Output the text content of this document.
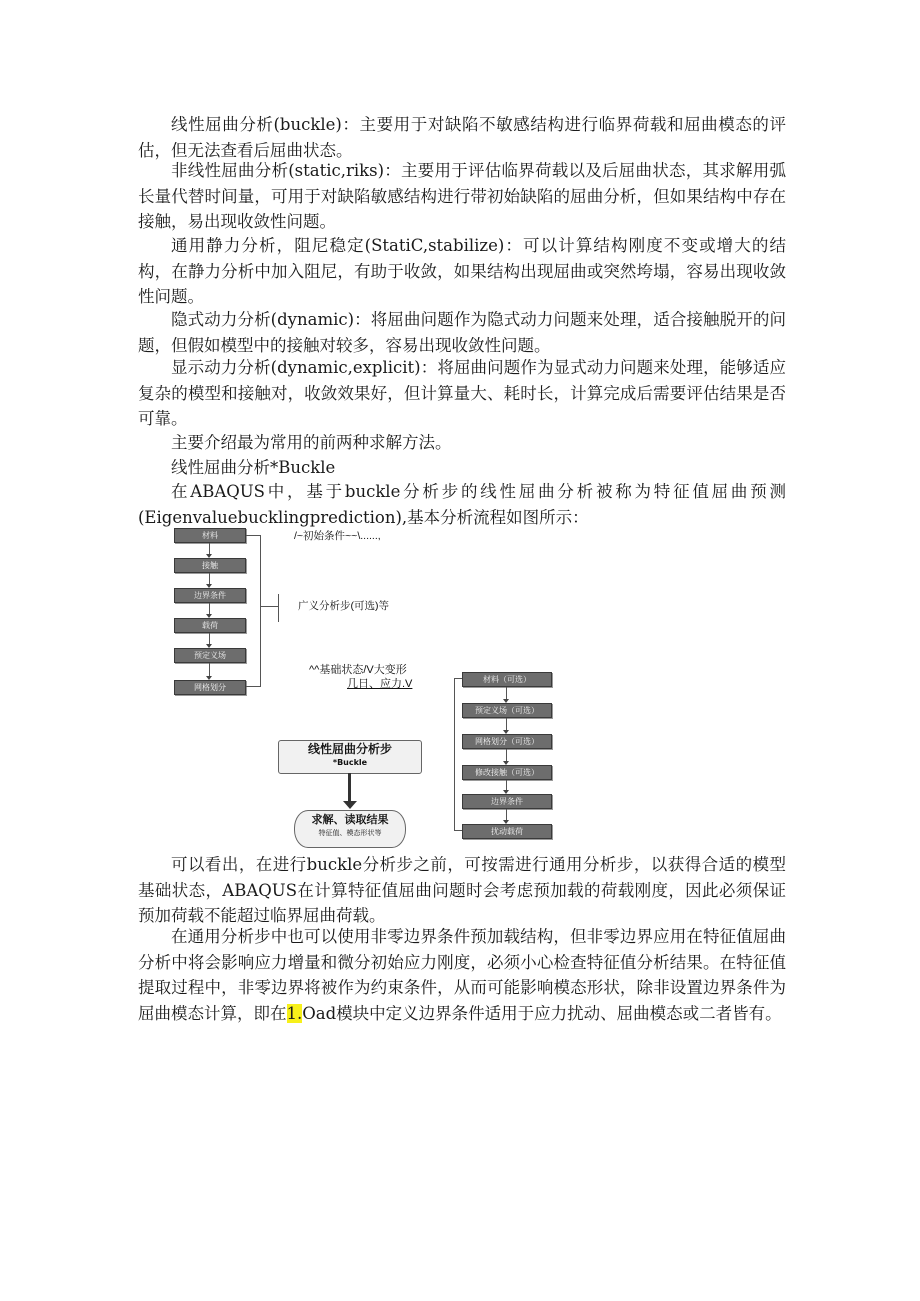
线性屈曲分析(buckle)：主要用于对缺陷不敏感结构进行临界荷载和屈曲模态的评估，但无法查看后屈曲状态。

非线性屈曲分析(static,riks)：主要用于评估临界荷载以及后屈曲状态，其求解用弧长量代替时间量，可用于对缺陷敏感结构进行带初始缺陷的屈曲分析，但如果结构中存在接触，易出现收敛性问题。

通用静力分析，阻尼稳定(StatiC,stabilize)：可以计算结构刚度不变或增大的结构，在静力分析中加入阻尼，有助于收敛，如果结构出现屈曲或突然垮塌，容易出现收敛性问题。

隐式动力分析(dynamic)：将屈曲问题作为隐式动力问题来处理，适合接触脱开的问题，但假如模型中的接触对较多，容易出现收敛性问题。

显示动力分析(dynamic,explicit)：将屈曲问题作为显式动力问题来处理，能够适应复杂的模型和接触对，收敛效果好，但计算量大、耗时长，计算完成后需要评估结果是否可靠。

主要介绍最为常用的前两种求解方法。

线性屈曲分析*Buckle

在ABAQUS中，基于buckle分析步的线性屈曲分析被称为特征值屈曲预测(Eigenvaluebucklingprediction),基本分析流程如图所示：

材料
接触
边界条件
载荷
预定义场
网格划分
/~初始条件~~\......,
广义分析步(可选)等
^^基础状态/V大变形
几日、应力.V
线性屈曲分析步
*Buckle
求解、读取结果
特征值、模态形状等
材料（可选）
预定义场（可选）
网格划分（可选）
修改接触（可选）
边界条件
扰动载荷

可以看出，在进行buckle分析步之前，可按需进行通用分析步，以获得合适的模型基础状态，ABAQUS在计算特征值屈曲问题时会考虑预加载的荷载刚度，因此必须保证预加荷载不能超过临界屈曲荷载。

在通用分析步中也可以使用非零边界条件预加载结构，但非零边界应用在特征值屈曲分析中将会影响应力增量和微分初始应力刚度，必须小心检查特征值分析结果。在特征值提取过程中，非零边界将被作为约束条件，从而可能影响模态形状，除非设置边界条件为屈曲模态计算，即在1.Oad模块中定义边界条件适用于应力扰动、屈曲模态或二者皆有。
